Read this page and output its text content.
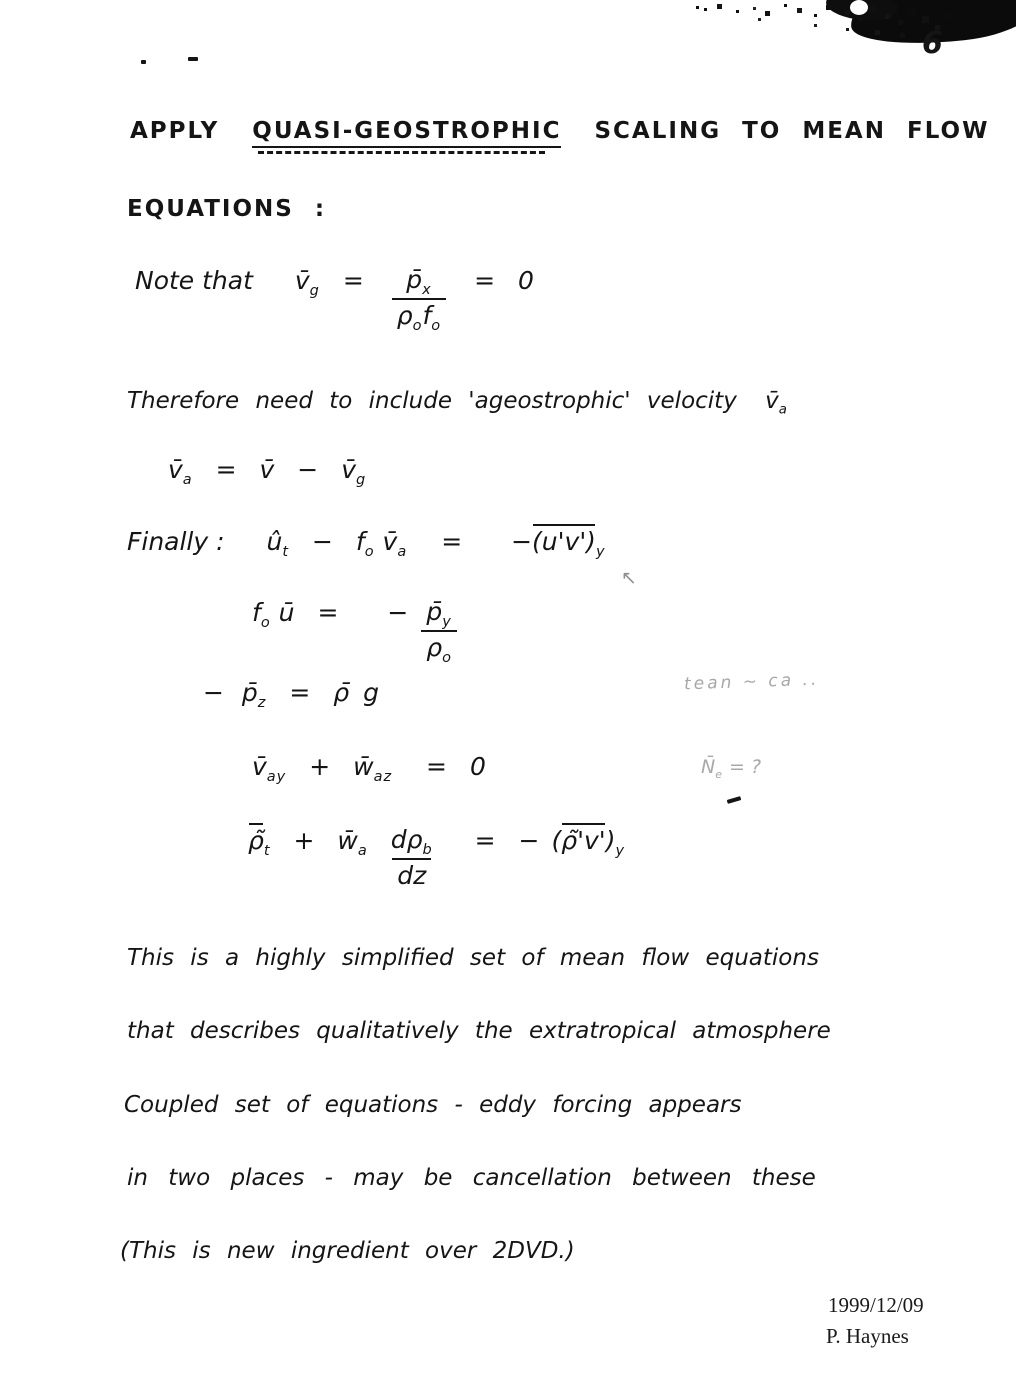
6
APPLY QUASI-GEOSTROPHIC SCALING TO MEAN FLOW
EQUATIONS :
Note that $v̄_g = \frac{p̄_x}{\rho_of_o} = 0$
Therefore need to include 'ageostrophic' velocity $v̄_a$
$v̄_a$ = v̄ − $v̄_g$
Finally : $û_t - f_o$ $v̄_a = -(u'v')_y$
↖
$f_o$ ū = − $\frac{p̄_y}{\rho_o}$
− $p̄_z$ = ρ̄ g	tean ~ ca ..
$v̄_{ay}$ + $w̄_{az} = 0$	$N̄_e$ = ?
$\rhõ_t$ + $w̄_a \frac{d\rho_b}{dz}$ = − $(\rhõ'v')_y$
This is a highly simplified set of mean flow equations
that describes qualitatively the extratropical atmosphere
Coupled set of equations - eddy forcing appears
in two places - may be cancellation between these
(This is new ingredient over 2DVD.)
1999/12/09
P. Haynes
